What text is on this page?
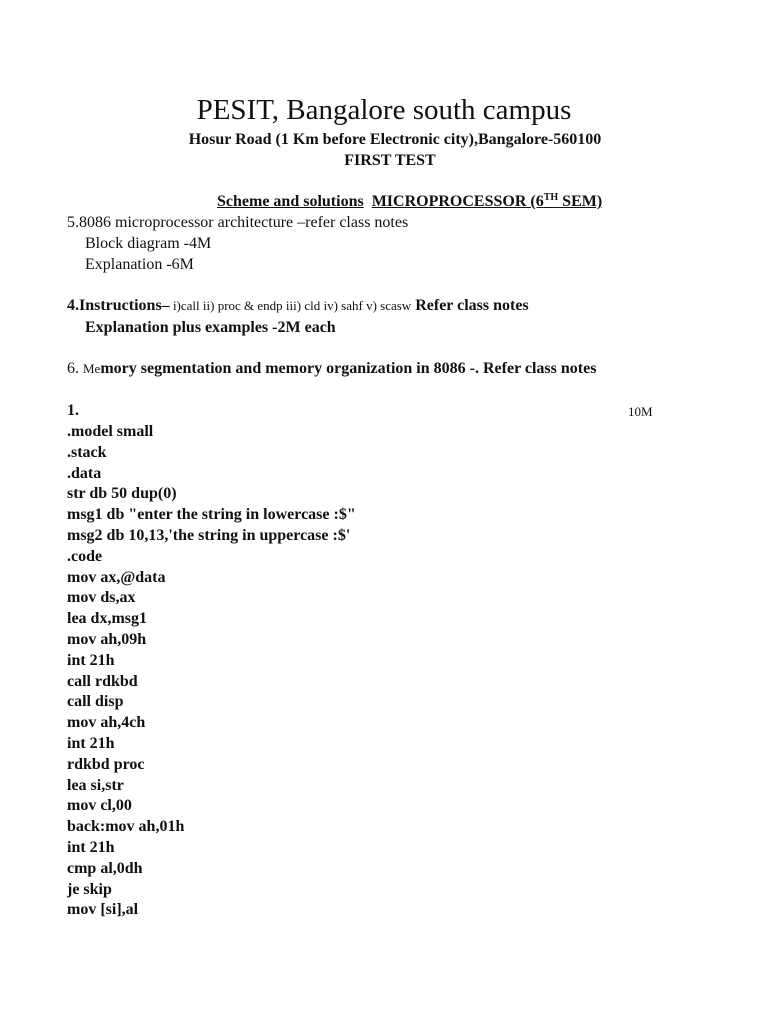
PESIT, Bangalore south campus
Hosur Road (1 Km before Electronic city),Bangalore-560100
FIRST TEST
Scheme and solutions MICROPROCESSOR (6TH SEM)
5.8086 microprocessor architecture –refer class notes
Block diagram -4M
Explanation -6M
4.Instructions– i)call ii) proc & endp iii) cld iv) sahf v) scasw Refer class notes
Explanation plus examples -2M each
6. Memory segmentation and memory organization in 8086 -. Refer class notes
1.	10M
.model small
.stack
.data
str db 50 dup(0)
msg1 db "enter the string in lowercase :$"
msg2 db 10,13,'the string in uppercase :$'
.code
mov ax,@data
mov ds,ax
lea dx,msg1
mov ah,09h
int 21h
call rdkbd
call disp
mov ah,4ch
int 21h
rdkbd proc
lea si,str
mov cl,00
back:mov ah,01h
int 21h
cmp al,0dh
je skip
mov [si],al
